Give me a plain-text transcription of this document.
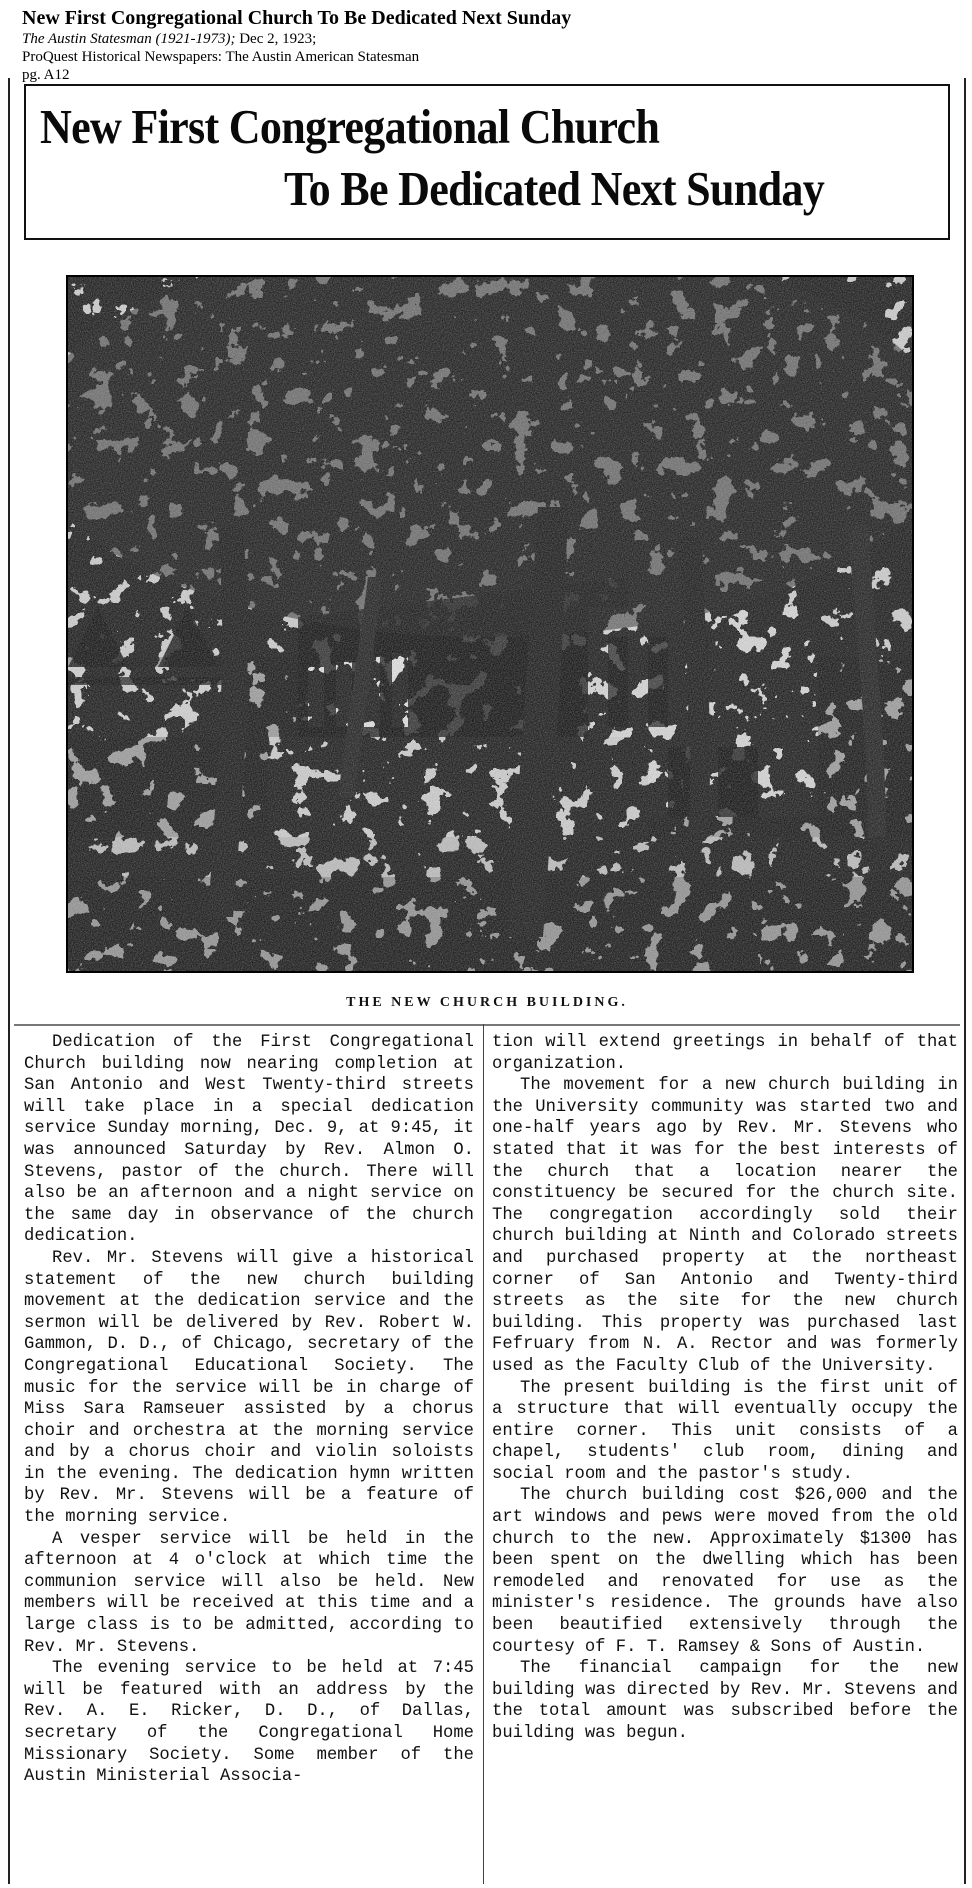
New First Congregational Church To Be Dedicated Next Sunday
The Austin Statesman (1921-1973); Dec 2, 1923;
ProQuest Historical Newspapers: The Austin American Statesman
pg. A12
New First Congregational Church
To Be Dedicated Next Sunday
THE NEW CHURCH BUILDING.

Dedication of the First Congregational Church building now nearing completion at San Antonio and West Twenty-third streets will take place in a special dedication service Sunday morning, Dec. 9, at 9:45, it was announced Saturday by Rev. Almon O. Stevens, pastor of the church. There will also be an afternoon and a night service on the same day in observance of the church dedication.

Rev. Mr. Stevens will give a historical statement of the new church building movement at the dedication service and the sermon will be delivered by Rev. Robert W. Gammon, D. D., of Chicago, secretary of the Congregational Educational Society. The music for the service will be in charge of Miss Sara Ramseuer assisted by a chorus choir and orchestra at the morning service and by a chorus choir and violin soloists in the evening. The dedication hymn written by Rev. Mr. Stevens will be a feature of the morning service.

A vesper service will be held in the afternoon at 4 o'clock at which time the communion service will also be held. New members will be received at this time and a large class is to be admitted, according to Rev. Mr. Stevens.

The evening service to be held at 7:45 will be featured with an address by the Rev. A. E. Ricker, D. D., of Dallas, secretary of the Congregational Home Missionary Society. Some member of the Austin Ministerial Associa-

tion will extend greetings in behalf of that organization.

The movement for a new church building in the University community was started two and one-half years ago by Rev. Mr. Stevens who stated that it was for the best interests of the church that a location nearer the constituency be secured for the church site. The congregation accordingly sold their church building at Ninth and Colorado streets and purchased property at the northeast corner of San Antonio and Twenty-third streets as the site for the new church building. This property was purchased last Fefruary from N. A. Rector and was formerly used as the Faculty Club of the University.

The present building is the first unit of a structure that will eventually occupy the entire corner. This unit consists of a chapel, students' club room, dining and social room and the pastor's study.

The church building cost $26,000 and the art windows and pews were moved from the old church to the new. Approximately $1300 has been spent on the dwelling which has been remodeled and renovated for use as the minister's residence. The grounds have also been beautified extensively through the courtesy of F. T. Ramsey & Sons of Austin.

The financial campaign for the new building was directed by Rev. Mr. Stevens and the total amount was subscribed before the building was begun.
